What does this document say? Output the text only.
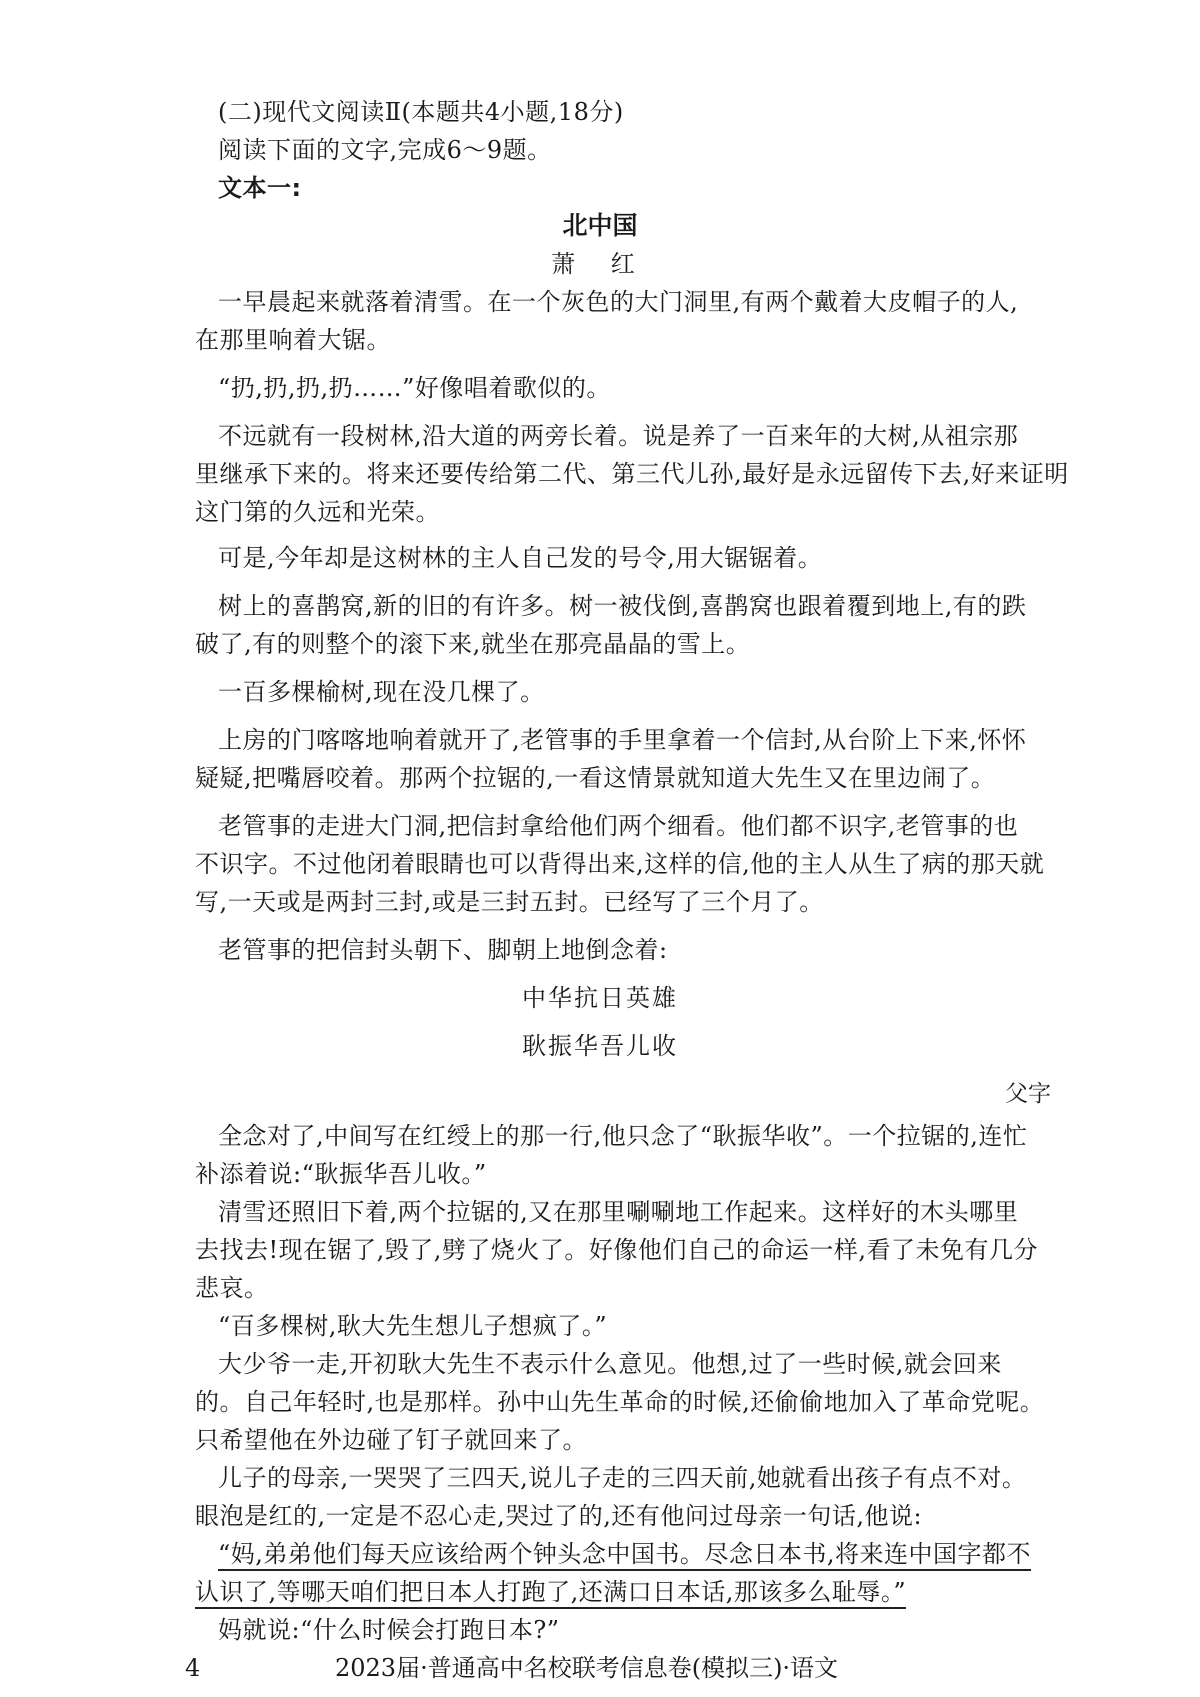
(二)现代文阅读Ⅱ(本题共4小题,18分)
阅读下面的文字,完成6～9题。
文本一:
北中国
萧 红
一早晨起来就落着清雪。在一个灰色的大门洞里,有两个戴着大皮帽子的人,
在那里响着大锯。
“扔,扔,扔,扔……”好像唱着歌似的。
不远就有一段树林,沿大道的两旁长着。说是养了一百来年的大树,从祖宗那
里继承下来的。将来还要传给第二代、第三代儿孙,最好是永远留传下去,好来证明
这门第的久远和光荣。
可是,今年却是这树林的主人自己发的号令,用大锯锯着。
树上的喜鹊窝,新的旧的有许多。树一被伐倒,喜鹊窝也跟着覆到地上,有的跌
破了,有的则整个的滚下来,就坐在那亮晶晶的雪上。
一百多棵榆树,现在没几棵了。
上房的门喀喀地响着就开了,老管事的手里拿着一个信封,从台阶上下来,怀怀
疑疑,把嘴唇咬着。那两个拉锯的,一看这情景就知道大先生又在里边闹了。
老管事的走进大门洞,把信封拿给他们两个细看。他们都不识字,老管事的也
不识字。不过他闭着眼睛也可以背得出来,这样的信,他的主人从生了病的那天就
写,一天或是两封三封,或是三封五封。已经写了三个月了。
老管事的把信封头朝下、脚朝上地倒念着:
中华抗日英雄
耿振华吾儿收
父字
全念对了,中间写在红绶上的那一行,他只念了“耿振华收”。一个拉锯的,连忙
补添着说:“耿振华吾儿收。”
清雪还照旧下着,两个拉锯的,又在那里唰唰地工作起来。这样好的木头哪里
去找去!现在锯了,毁了,劈了烧火了。好像他们自己的命运一样,看了未免有几分
悲哀。
“百多棵树,耿大先生想儿子想疯了。”
大少爷一走,开初耿大先生不表示什么意见。他想,过了一些时候,就会回来
的。自己年轻时,也是那样。孙中山先生革命的时候,还偷偷地加入了革命党呢。
只希望他在外边碰了钉子就回来了。
儿子的母亲,一哭哭了三四天,说儿子走的三四天前,她就看出孩子有点不对。
眼泡是红的,一定是不忍心走,哭过了的,还有他问过母亲一句话,他说:
“妈,弟弟他们每天应该给两个钟头念中国书。尽念日本书,将来连中国字都不
认识了,等哪天咱们把日本人打跑了,还满口日本话,那该多么耻辱。”
妈就说:“什么时候会打跑日本?”
4	2023届·普通高中名校联考信息卷(模拟三)·语文
